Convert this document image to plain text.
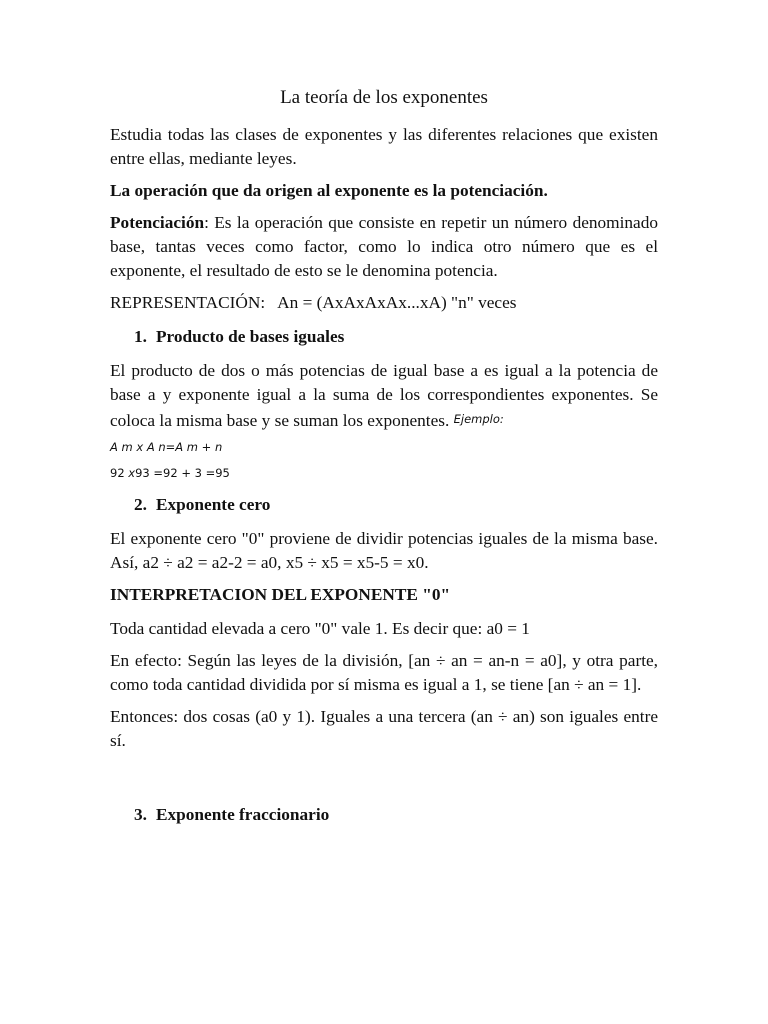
La teoría de los exponentes
Estudia todas las clases de exponentes y las diferentes relaciones que existen entre ellas, mediante leyes.
La operación que da origen al exponente es la potenciación.
Potenciación: Es la operación que consiste en repetir un número denominado base, tantas veces como factor, como lo indica otro número que es el exponente, el resultado de esto se le denomina potencia.
REPRESENTACIÓN:   An = (AxAxAxAx...xA) "n" veces
1. Producto de bases iguales
El producto de dos o más potencias de igual base a es igual a la potencia de base a y exponente igual a la suma de los correspondientes exponentes. Se coloca la misma base y se suman los exponentes. Ejemplo:
A m x A n=A m + n
92 x93 =92 + 3 =95
2. Exponente cero
El exponente cero "0" proviene de dividir potencias iguales de la misma base. Así, a2 ÷ a2 = a2-2 = a0, x5 ÷ x5 = x5-5 = x0.
INTERPRETACION DEL EXPONENTE "0"
Toda cantidad elevada a cero "0" vale 1. Es decir que: a0 = 1
En efecto: Según las leyes de la división, [an ÷ an = an-n = a0], y otra parte, como toda cantidad dividida por sí misma es igual a 1, se tiene [an ÷ an = 1].
Entonces: dos cosas (a0 y 1). Iguales a una tercera (an ÷ an) son iguales entre sí.
3. Exponente fraccionario
